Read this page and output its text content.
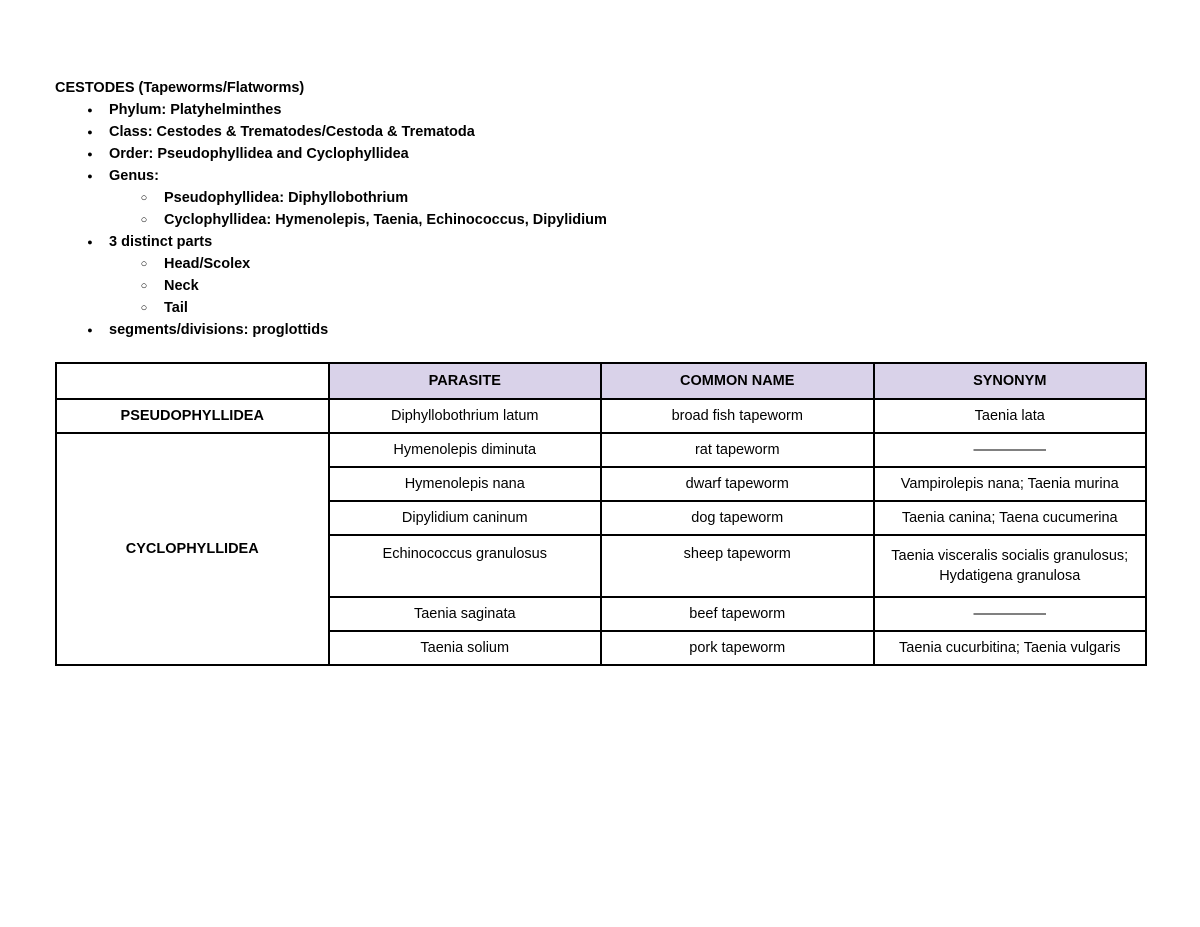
CESTODES (Tapeworms/Flatworms)
● Phylum: Platyhelminthes
● Class: Cestodes & Trematodes/Cestoda & Trematoda
● Order: Pseudophyllidea and Cyclophyllidea
● Genus:
○ Pseudophyllidea: Diphyllobothrium
○ Cyclophyllidea: Hymenolepis, Taenia, Echinococcus, Dipylidium
● 3 distinct parts
○ Head/Scolex
○ Neck
○ Tail
● segments/divisions: proglottids
	PARASITE	COMMON NAME	SYNONYM
PSEUDOPHYLLIDEA	Diphyllobothrium latum	broad fish tapeworm	Taenia lata
CYCLOPHYLLIDEA	Hymenolepis diminuta	rat tapeworm	—————
	Hymenolepis nana	dwarf tapeworm	Vampirolepis nana; Taenia murina
	Dipylidium caninum	dog tapeworm	Taenia canina; Taena cucumerina
	Echinococcus granulosus	sheep tapeworm	Taenia visceralis socialis granulosus; Hydatigena granulosa
	Taenia saginata	beef tapeworm	—————
	Taenia solium	pork tapeworm	Taenia cucurbitina; Taenia vulgaris
